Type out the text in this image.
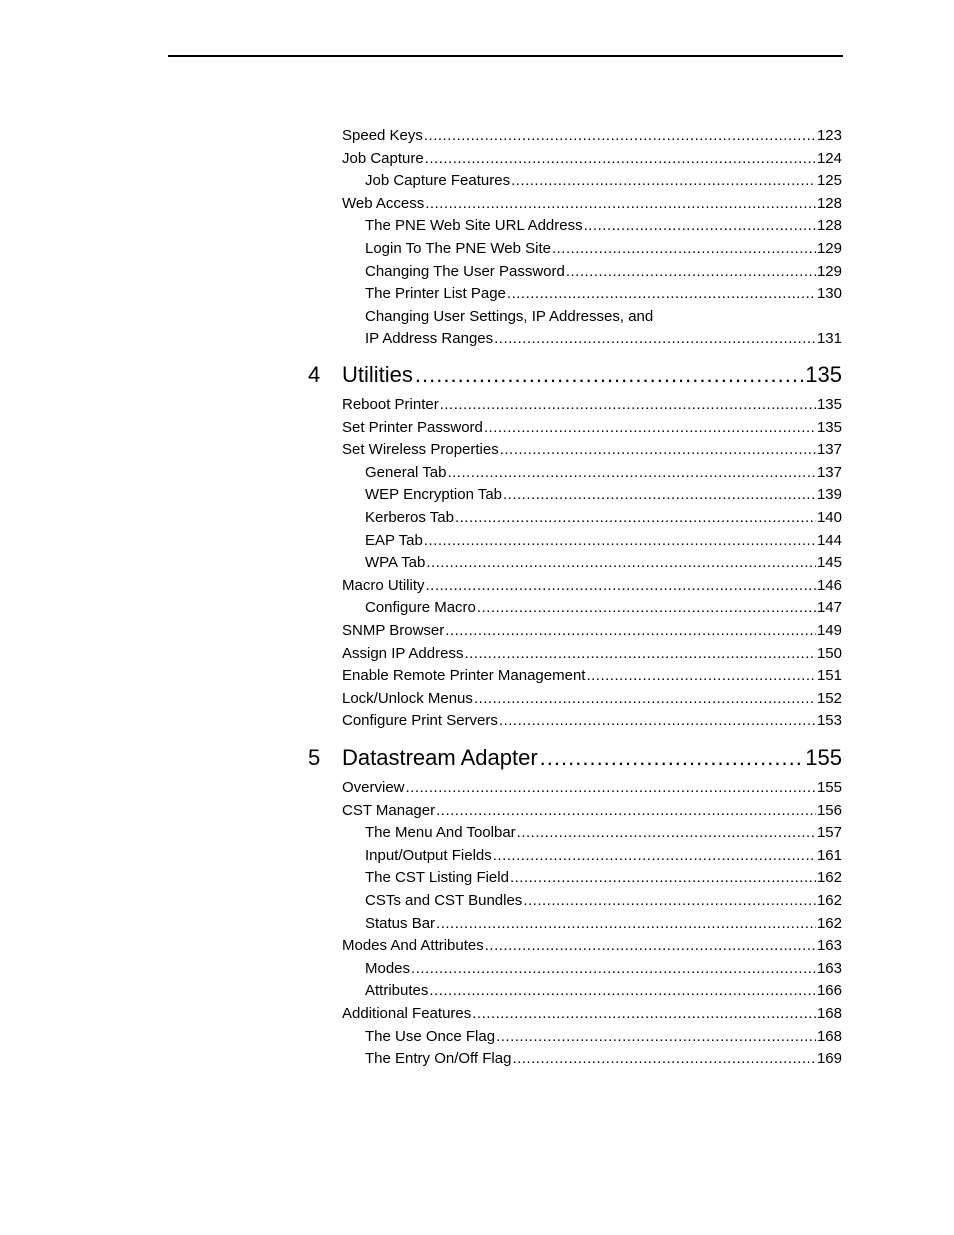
Speed Keys .....	123
Job Capture .....	124
Job Capture Features .....	125
Web Access .....	128
The PNE Web Site URL Address .....	128
Login To The PNE Web Site .....	129
Changing The User Password .....	129
The Printer List Page .....	130
Changing User Settings, IP Addresses, and
IP Address Ranges .....	131
4 Utilities .....	135
Reboot Printer .....	135
Set Printer Password .....	135
Set Wireless Properties .....	137
General Tab .....	137
WEP Encryption Tab .....	139
Kerberos Tab .....	140
EAP Tab .....	144
WPA Tab .....	145
Macro Utility .....	146
Configure Macro .....	147
SNMP Browser .....	149
Assign IP Address .....	150
Enable Remote Printer Management .....	151
Lock/Unlock Menus .....	152
Configure Print Servers .....	153
5 Datastream Adapter .....	155
Overview .....	155
CST Manager .....	156
The Menu And Toolbar .....	157
Input/Output Fields .....	161
The CST Listing Field .....	162
CSTs and CST Bundles .....	162
Status Bar .....	162
Modes And Attributes .....	163
Modes .....	163
Attributes .....	166
Additional Features .....	168
The Use Once Flag .....	168
The Entry On/Off Flag .....	169
